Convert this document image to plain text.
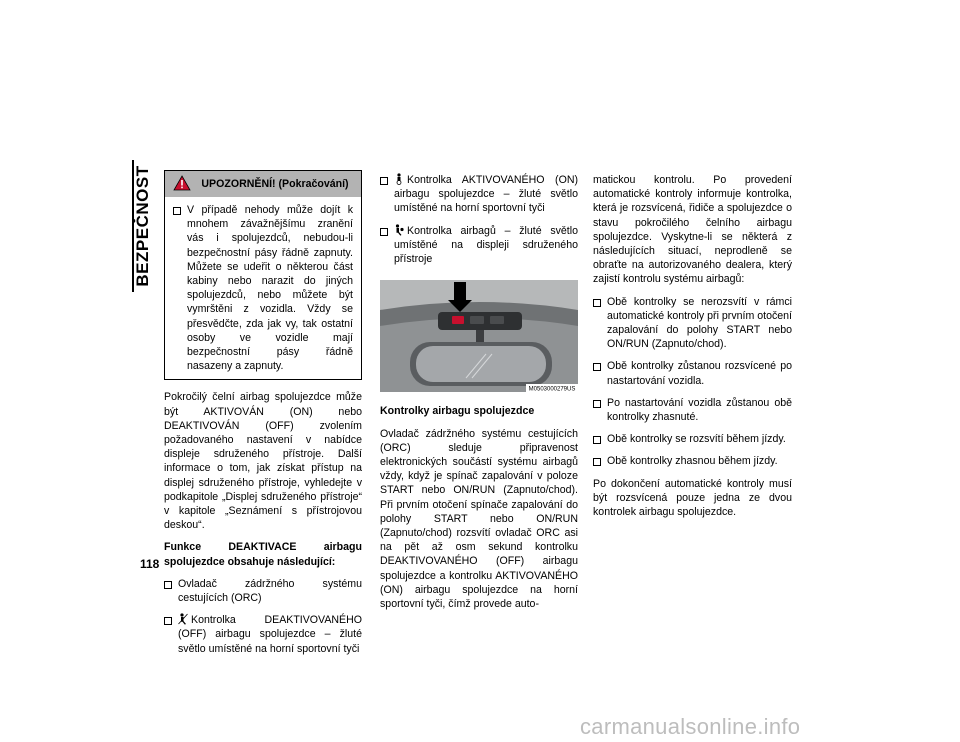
BEZPEČNOST
118
UPOZORNĚNÍ! (Pokračování)
V případě nehody může dojít k mnohem závažnějšímu zranění vás i spolujezdců, nebudou-li bezpečnostní pásy řádně zapnuty. Můžete se udeřit o některou část kabiny nebo narazit do jiných spolujezdců, nebo můžete být vymrštěni z vozidla. Vždy se přesvědčte, zda jak vy, tak ostatní osoby ve vozidle mají bezpečnostní pásy řádně nasazeny a zapnuty.

Pokročilý čelní airbag spolujezdce může být AKTIVOVÁN (ON) nebo DEAKTIVOVÁN (OFF) zvolením požadovaného nastavení v nabídce displeje sdruženého přístroje. Další informace o tom, jak získat přístup na displej sdruženého přístroje, vyhledejte v podkapitole „Displej sdruženého přístroje“ v kapitole „Seznámení s přístrojovou deskou“.

Funkce DEAKTIVACE airbagu spolujezdce obsahuje následující:

Ovladač zádržného systému cestujících (ORC)
Kontrolka DEAKTIVOVANÉHO (OFF) airbagu spolujezdce – žluté světlo umístěné na horní sportovní tyči
Kontrolka AKTIVOVANÉHO (ON) airbagu spolujezdce – žluté světlo umístěné na horní sportovní tyči
Kontrolka airbagů – žluté světlo umístěné na displeji sdruženého přístroje
M0503000279US

Kontrolky airbagu spolujezdce

Ovladač zádržného systému cestujících (ORC) sleduje připravenost elektronických součástí systému airbagů vždy, když je spínač zapalování v poloze START nebo ON/RUN (Zapnuto/chod). Při prvním otočení spínače zapalování do polohy START nebo ON/RUN (Zapnuto/chod) rozsvítí ovladač ORC asi na pět až osm sekund kontrolku DEAKTIVOVANÉHO (OFF) airbagu spolujezdce a kontrolku AKTIVOVANÉHO (ON) airbagu spolujezdce na horní sportovní tyči, čímž provede auto-

matickou kontrolu. Po provedení automatické kontroly informuje kontrolka, která je rozsvícená, řidiče a spolujezdce o stavu pokročilého čelního airbagu spolujezdce. Vyskytne-li se některá z následujících situací, neprodleně se obraťte na autorizovaného dealera, který zajistí kontrolu systému airbagů:

Obě kontrolky se nerozsvítí v rámci automatické kontroly při prvním otočení zapalování do polohy START nebo ON/RUN (Zapnuto/chod).
Obě kontrolky zůstanou rozsvícené po nastartování vozidla.
Po nastartování vozidla zůstanou obě kontrolky zhasnuté.
Obě kontrolky se rozsvítí během jízdy.
Obě kontrolky zhasnou během jízdy.

Po dokončení automatické kontroly musí být rozsvícená pouze jedna ze dvou kontrolek airbagu spolujezdce.

carmanualsonline.info
